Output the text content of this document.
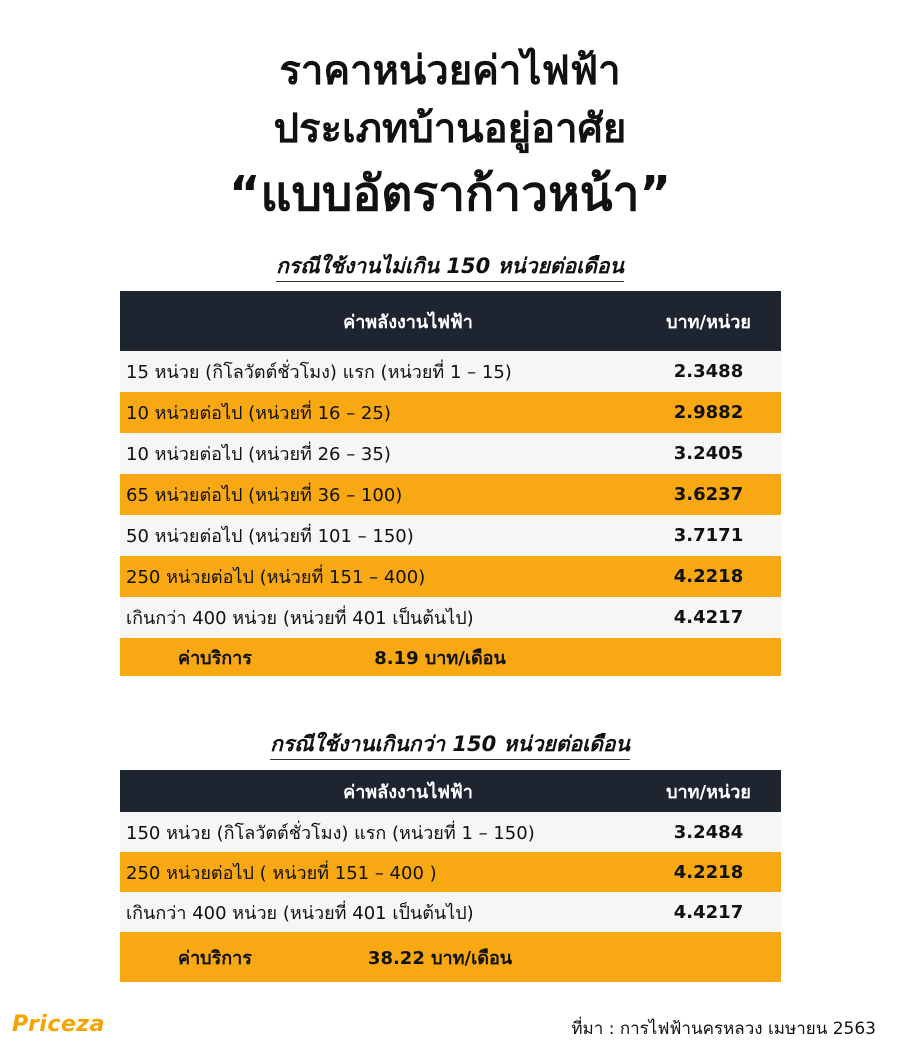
ราคาหน่วยค่าไฟฟ้า
ประเภทบ้านอยู่อาศัย
“แบบอัตราก้าวหน้า”
กรณีใช้งานไม่เกิน 150 หน่วยต่อเดือน
ค่าพลังงานไฟฟ้า	บาท/หน่วย
15 หน่วย (กิโลวัตต์ชั่วโมง) แรก (หน่วยที่ 1 – 15)	2.3488
10 หน่วยต่อไป (หน่วยที่ 16 – 25)	2.9882
10 หน่วยต่อไป (หน่วยที่ 26 – 35)	3.2405
65 หน่วยต่อไป (หน่วยที่ 36 – 100)	3.6237
50 หน่วยต่อไป (หน่วยที่ 101 – 150)	3.7171
250 หน่วยต่อไป (หน่วยที่ 151 – 400)	4.2218
เกินกว่า 400 หน่วย (หน่วยที่ 401 เป็นต้นไป)	4.4217
ค่าบริการ	8.19 บาท/เดือน
กรณีใช้งานเกินกว่า 150 หน่วยต่อเดือน
ค่าพลังงานไฟฟ้า	บาท/หน่วย
150 หน่วย (กิโลวัตต์ชั่วโมง) แรก (หน่วยที่ 1 – 150)	3.2484
250 หน่วยต่อไป ( หน่วยที่ 151 – 400 )	4.2218
เกินกว่า 400 หน่วย (หน่วยที่ 401 เป็นต้นไป)	4.4217
ค่าบริการ	38.22 บาท/เดือน
Priceza	ที่มา : การไฟฟ้านครหลวง เมษายน 2563
